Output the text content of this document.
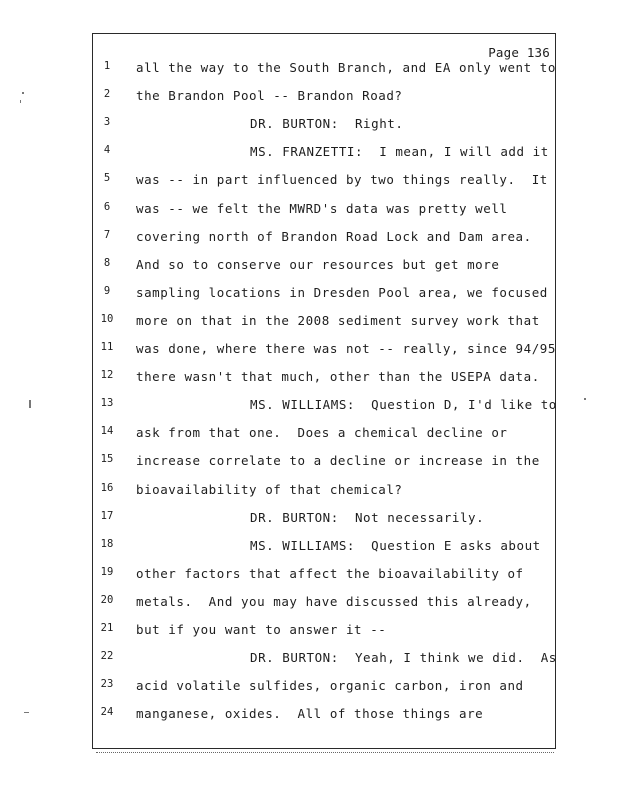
Page 136
1	all the way to the South Branch, and EA only went to
2	the Brandon Pool -- Brandon Road?
3	DR. BURTON:  Right.
4	MS. FRANZETTI:  I mean, I will add it
5	was -- in part influenced by two things really.  It
6	was -- we felt the MWRD's data was pretty well
7	covering north of Brandon Road Lock and Dam area.
8	And so to conserve our resources but get more
9	sampling locations in Dresden Pool area, we focused
10	more on that in the 2008 sediment survey work that
11	was done, where there was not -- really, since 94/95
12	there wasn't that much, other than the USEPA data.
13	MS. WILLIAMS:  Question D, I'd like to
14	ask from that one.  Does a chemical decline or
15	increase correlate to a decline or increase in the
16	bioavailability of that chemical?
17	DR. BURTON:  Not necessarily.
18	MS. WILLIAMS:  Question E asks about
19	other factors that affect the bioavailability of
20	metals.  And you may have discussed this already,
21	but if you want to answer it --
22	DR. BURTON:  Yeah, I think we did.  As
23	acid volatile sulfides, organic carbon, iron and
24	manganese, oxides.  All of those things are
